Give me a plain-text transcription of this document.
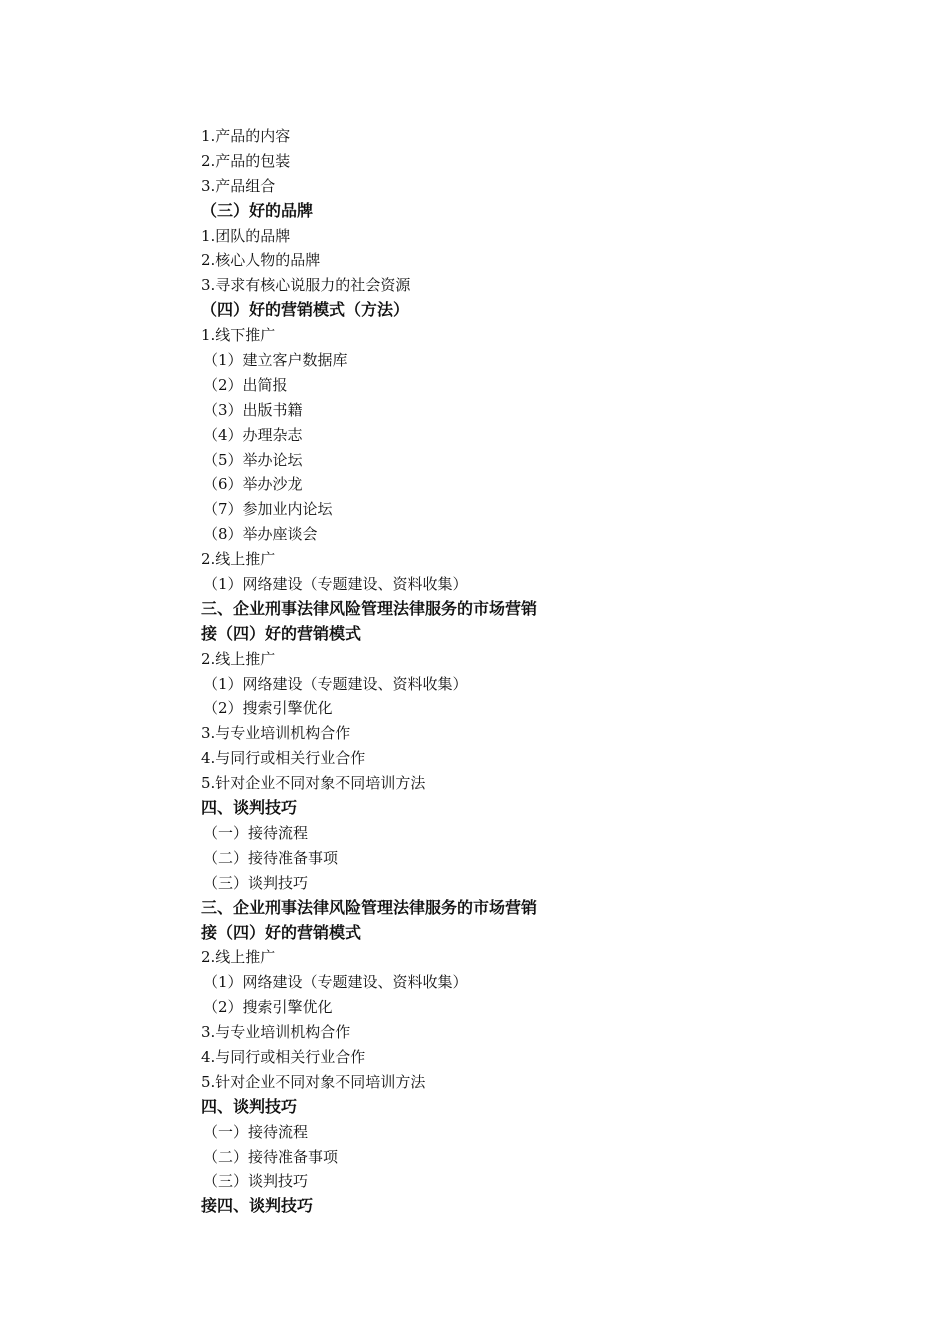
1.产品的内容
2.产品的包装
3.产品组合
（三）好的品牌
1.团队的品牌
2.核心人物的品牌
3.寻求有核心说服力的社会资源
（四）好的营销模式（方法）
1.线下推广
（1）建立客户数据库
（2）出简报
（3）出版书籍
（4）办理杂志
（5）举办论坛
（6）举办沙龙
（7）参加业内论坛
（8）举办座谈会
2.线上推广
（1）网络建设（专题建设、资料收集）
三、企业刑事法律风险管理法律服务的市场营销
接（四）好的营销模式
2.线上推广
（1）网络建设（专题建设、资料收集）
（2）搜索引擎优化
3.与专业培训机构合作
4.与同行或相关行业合作
5.针对企业不同对象不同培训方法
四、谈判技巧
（一）接待流程
（二）接待准备事项
（三）谈判技巧
三、企业刑事法律风险管理法律服务的市场营销
接（四）好的营销模式
2.线上推广
（1）网络建设（专题建设、资料收集）
（2）搜索引擎优化
3.与专业培训机构合作
4.与同行或相关行业合作
5.针对企业不同对象不同培训方法
四、谈判技巧
（一）接待流程
（二）接待准备事项
（三）谈判技巧
接四、谈判技巧
